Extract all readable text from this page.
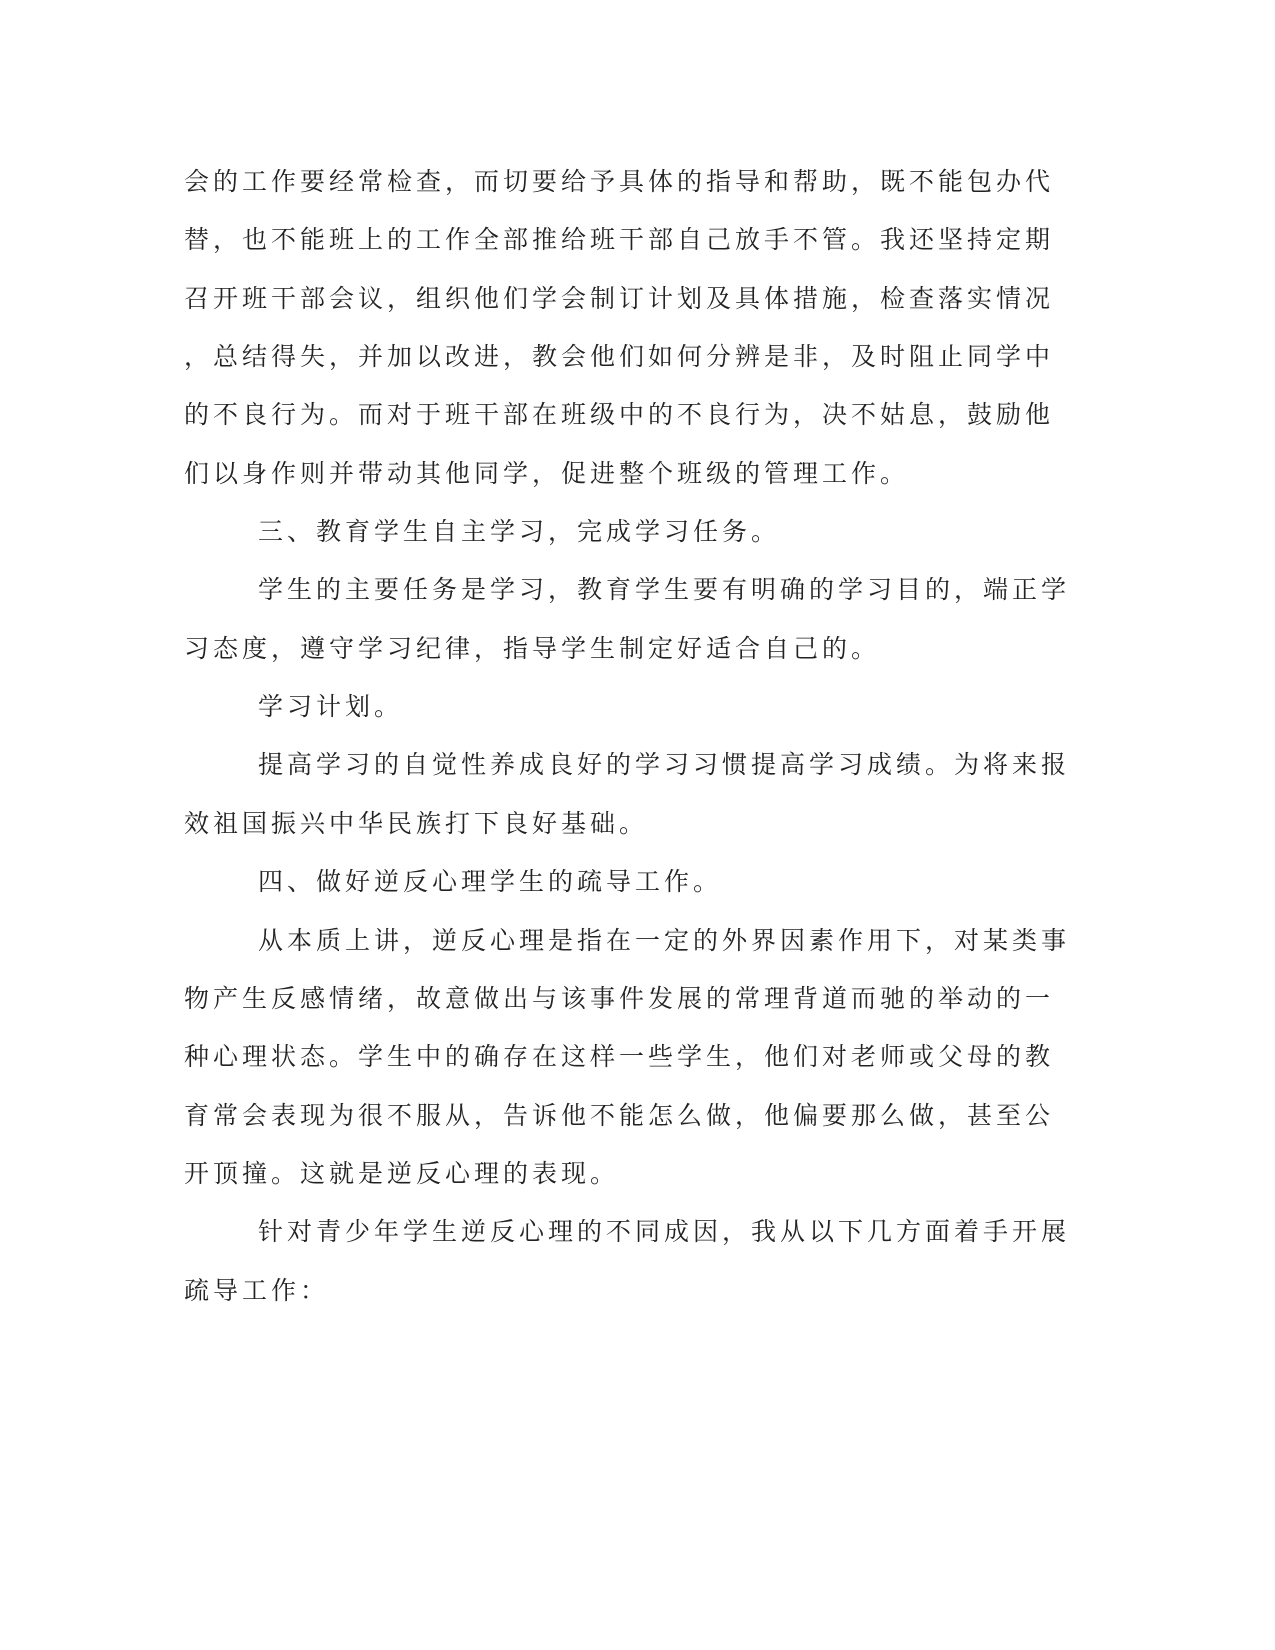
会的工作要经常检查，而切要给予具体的指导和帮助，既不能包办代
替，也不能班上的工作全部推给班干部自己放手不管。我还坚持定期
召开班干部会议，组织他们学会制订计划及具体措施，检查落实情况
，总结得失，并加以改进，教会他们如何分辨是非，及时阻止同学中
的不良行为。而对于班干部在班级中的不良行为，决不姑息，鼓励他
们以身作则并带动其他同学，促进整个班级的管理工作。
三、教育学生自主学习，完成学习任务。
学生的主要任务是学习，教育学生要有明确的学习目的，端正学
习态度，遵守学习纪律，指导学生制定好适合自己的。
学习计划。
提高学习的自觉性养成良好的学习习惯提高学习成绩。为将来报
效祖国振兴中华民族打下良好基础。
四、做好逆反心理学生的疏导工作。
从本质上讲，逆反心理是指在一定的外界因素作用下，对某类事
物产生反感情绪，故意做出与该事件发展的常理背道而驰的举动的一
种心理状态。学生中的确存在这样一些学生，他们对老师或父母的教
育常会表现为很不服从，告诉他不能怎么做，他偏要那么做，甚至公
开顶撞。这就是逆反心理的表现。
针对青少年学生逆反心理的不同成因，我从以下几方面着手开展
疏导工作：
